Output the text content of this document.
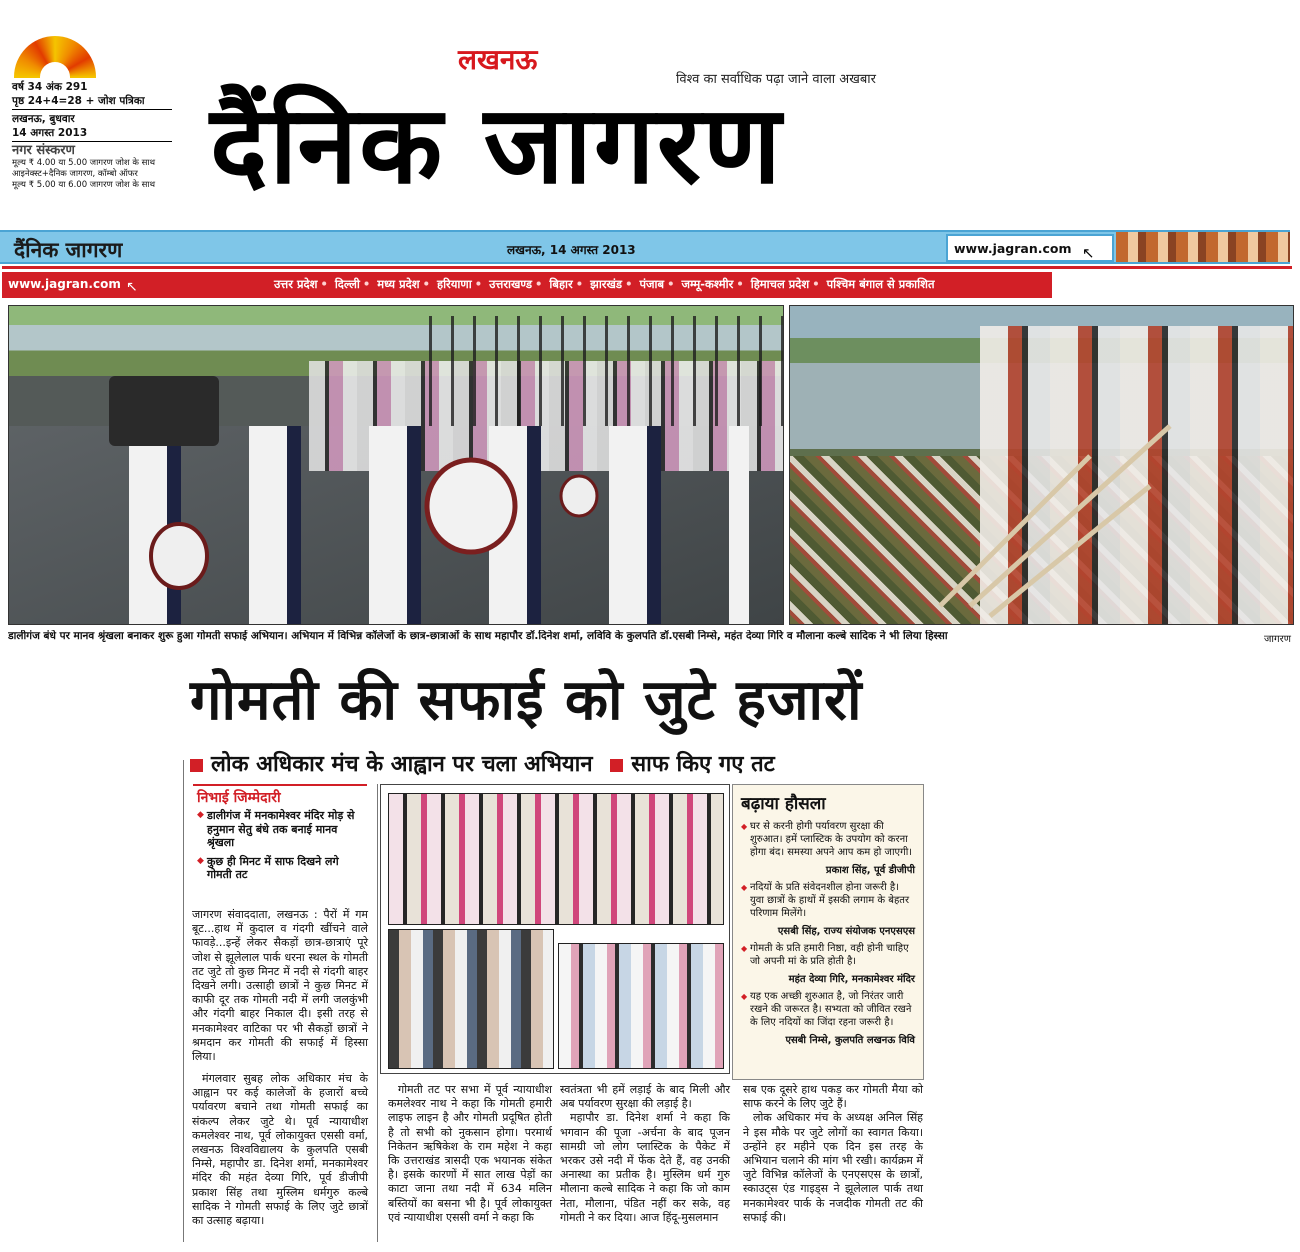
वर्ष 34 अंक 291
पृष्ठ 24+4=28 + जोश पत्रिका
लखनऊ, बुधवार
14 अगस्त 2013
नगर संस्करण
मूल्य ₹ 4.00 या 5.00 जागरण जोश के साथ
आइनेक्स्ट+दैनिक जागरण, कॉम्बो ऑफर
मूल्य ₹ 5.00 या 6.00 जागरण जोश के साथ
लखनऊ
विश्व का सर्वाधिक पढ़ा जाने वाला अखबार
दैंनिक जागरण
दैंनिक जागरण	लखनऊ, 14 अगस्त 2013	www.jagran.com ↖
www.jagran.com ↖	उत्तर प्रदेश • दिल्ली • मध्य प्रदेश • हरियाणा • उत्तराखण्ड • बिहार • झारखंड • पंजाब • जम्मू-कश्मीर • हिमाचल प्रदेश • पश्चिम बंगाल से प्रकाशित
डालीगंज बंधे पर मानव श्रृंखला बनाकर शुरू हुआ गोमती सफाई अभियान। अभियान में विभिन्न कॉलेजों के छात्र-छात्राओं के साथ महापौर डॉ.दिनेश शर्मा, लविवि के कुलपति डॉ.एसबी निम्से, महंत देव्या गिरि व मौलाना कल्बे सादिक ने भी लिया हिस्सा	जागरण
गोमती की सफाई को जुटे हजारों
लोक अधिकार मंच के आह्वान पर चला अभियान साफ किए गए तट
निभाई जिम्मेदारी
◆ डालीगंज में मनकामेश्वर मंदिर मोड़ से हनुमान सेतु बंधे तक बनाई मानव श्रृंखला
◆ कुछ ही मिनट में साफ दिखने लगे गोमती तट

जागरण संवाददाता, लखनऊ : पैरों में गम बूट...हाथ में कुदाल व गंदगी खींचने वाले फावड़े...इन्हें लेकर सैकड़ों छात्र-छात्राएं पूरे जोश से झूलेलाल पार्क धरना स्थल के गोमती तट जुटे तो कुछ मिनट में नदी से गंदगी बाहर दिखने लगी। उत्साही छात्रों ने कुछ मिनट में काफी दूर तक गोमती नदी में लगी जलकुंभी और गंदगी बाहर निकाल दी। इसी तरह से मनकामेश्वर वाटिका पर भी सैकड़ों छात्रों ने श्रमदान कर गोमती की सफाई में हिस्सा लिया।

मंगलवार सुबह लोक अधिकार मंच के आह्वान पर कई कालेजों के हजारों बच्चे पर्यावरण बचाने तथा गोमती सफाई का संकल्प लेकर जुटे थे। पूर्व न्यायाधीश कमलेश्वर नाथ, पूर्व लोकायुक्त एससी वर्मा, लखनऊ विश्वविद्यालय के कुलपति एसबी निम्से, महापौर डा. दिनेश शर्मा, मनकामेश्वर मंदिर की महंत देव्या गिरि, पूर्व डीजीपी प्रकाश सिंह तथा मुस्लिम धर्मगुरु कल्बे सादिक ने गोमती सफाई के लिए जुटे छात्रों का उत्साह बढ़ाया।

गोमती तट पर सभा में पूर्व न्यायाधीश कमलेश्वर नाथ ने कहा कि गोमती हमारी लाइफ लाइन है और गोमती प्रदूषित होती है तो सभी को नुकसान होगा। परमार्थ निकेतन ऋषिकेश के राम महेश ने कहा कि उत्तराखंड त्रासदी एक भयानक संकेत है। इसके कारणों में सात लाख पेड़ों का काटा जाना तथा नदी में 634 मलिन बस्तियों का बसना भी है। पूर्व लोकायुक्त एवं न्यायाधीश एससी वर्मा ने कहा कि

स्वतंत्रता भी हमें लड़ाई के बाद मिली और अब पर्यावरण सुरक्षा की लड़ाई है।

महापौर डा. दिनेश शर्मा ने कहा कि भगवान की पूजा -अर्चना के बाद पूजन सामग्री जो लोग प्लास्टिक के पैकेट में भरकर उसे नदी में फेंक देते हैं, वह उनकी अनास्था का प्रतीक है। मुस्लिम धर्म गुरु मौलाना कल्बे सादिक ने कहा कि जो काम नेता, मौलाना, पंडित नहीं कर सके, वह गोमती ने कर दिया। आज हिंदू-मुसलमान

सब एक दूसरे हाथ पकड़ कर गोमती मैया को साफ करने के लिए जुटे हैं।

लोक अधिकार मंच के अध्यक्ष अनिल सिंह ने इस मौके पर जुटे लोगों का स्वागत किया। उन्होंने हर महीने एक दिन इस तरह के अभियान चलाने की मांग भी रखी। कार्यक्रम में जुटे विभिन्न कॉलेजों के एनएसएस के छात्रों, स्काउट्स एंड गाइड्स ने झूलेलाल पार्क तथा मनकामेश्वर पार्क के नजदीक गोमती तट की सफाई की।

बढ़ाया हौसला
◆ घर से करनी होगी पर्यावरण सुरक्षा की शुरुआत। हमें प्लास्टिक के उपयोग को करना होगा बंद। समस्या अपने आप कम हो जाएगी।
प्रकाश सिंह, पूर्व डीजीपी
◆ नदियों के प्रति संवेदनशील होना जरूरी है। युवा छात्रों के हाथों में इसकी लगाम के बेहतर परिणाम मिलेंगे।
एसबी सिंह, राज्य संयोजक एनएसएस
◆ गोमती के प्रति हमारी निष्ठा, वही होनी चाहिए जो अपनी मां के प्रति होती है।
महंत देव्या गिरि, मनकामेश्वर मंदिर
◆ यह एक अच्छी शुरुआत है, जो निरंतर जारी रखने की जरूरत है। सभ्यता को जीवित रखने के लिए नदियों का जिंदा रहना जरूरी है।
एसबी निम्से, कुलपति लखनऊ विवि
